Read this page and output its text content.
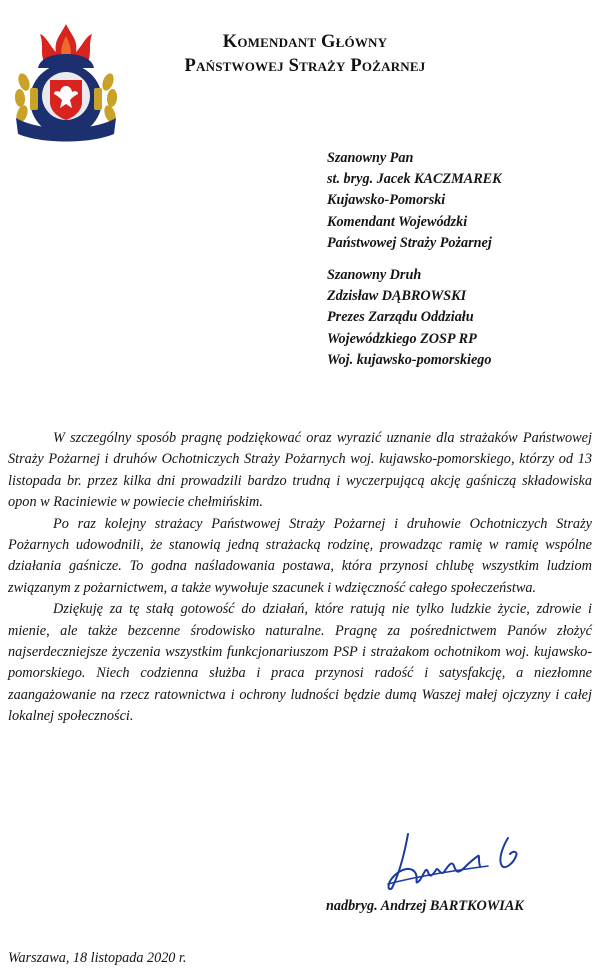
Komendant Główny
Państwowej Straży Pożarnej
Szanowny Pan
st. bryg. Jacek KACZMAREK
Kujawsko-Pomorski
Komendant Wojewódzki
Państwowej Straży Pożarnej
Szanowny Druh
Zdzisław DĄBROWSKI
Prezes Zarządu Oddziału
Wojewódzkiego ZOSP RP
Woj. kujawsko-pomorskiego

W szczególny sposób pragnę podziękować oraz wyrazić uznanie dla strażaków Państwowej Straży Pożarnej i druhów Ochotniczych Straży Pożarnych woj. kujawsko-pomorskiego, którzy od 13 listopada br. przez kilka dni prowadzili bardzo trudną i wyczerpującą akcję gaśniczą składowiska opon w Raciniewie w powiecie chełmińskim.

Po raz kolejny strażacy Państwowej Straży Pożarnej i druhowie Ochotniczych Straży Pożarnych udowodnili, że stanowią jedną strażacką rodzinę, prowadząc ramię w ramię wspólne działania gaśnicze. To godna naśladowania postawa, która przynosi chlubę wszystkim ludziom związanym z pożarnictwem, a także wywołuje szacunek i wdzięczność całego społeczeństwa.

Dziękuję za tę stałą gotowość do działań, które ratują nie tylko ludzkie życie, zdrowie i mienie, ale także bezcenne środowisko naturalne. Pragnę za pośrednictwem Panów złożyć najserdeczniejsze życzenia wszystkim funkcjonariuszom PSP i strażakom ochotnikom woj. kujawsko-pomorskiego. Niech codzienna służba i praca przynosi radość i satysfakcję, a niezłomne zaangażowanie na rzecz ratownictwa i ochrony ludności będzie dumą Waszej małej ojczyzny i całej lokalnej społeczności.

nadbryg. Andrzej BARTKOWIAK
Warszawa, 18 listopada 2020 r.
